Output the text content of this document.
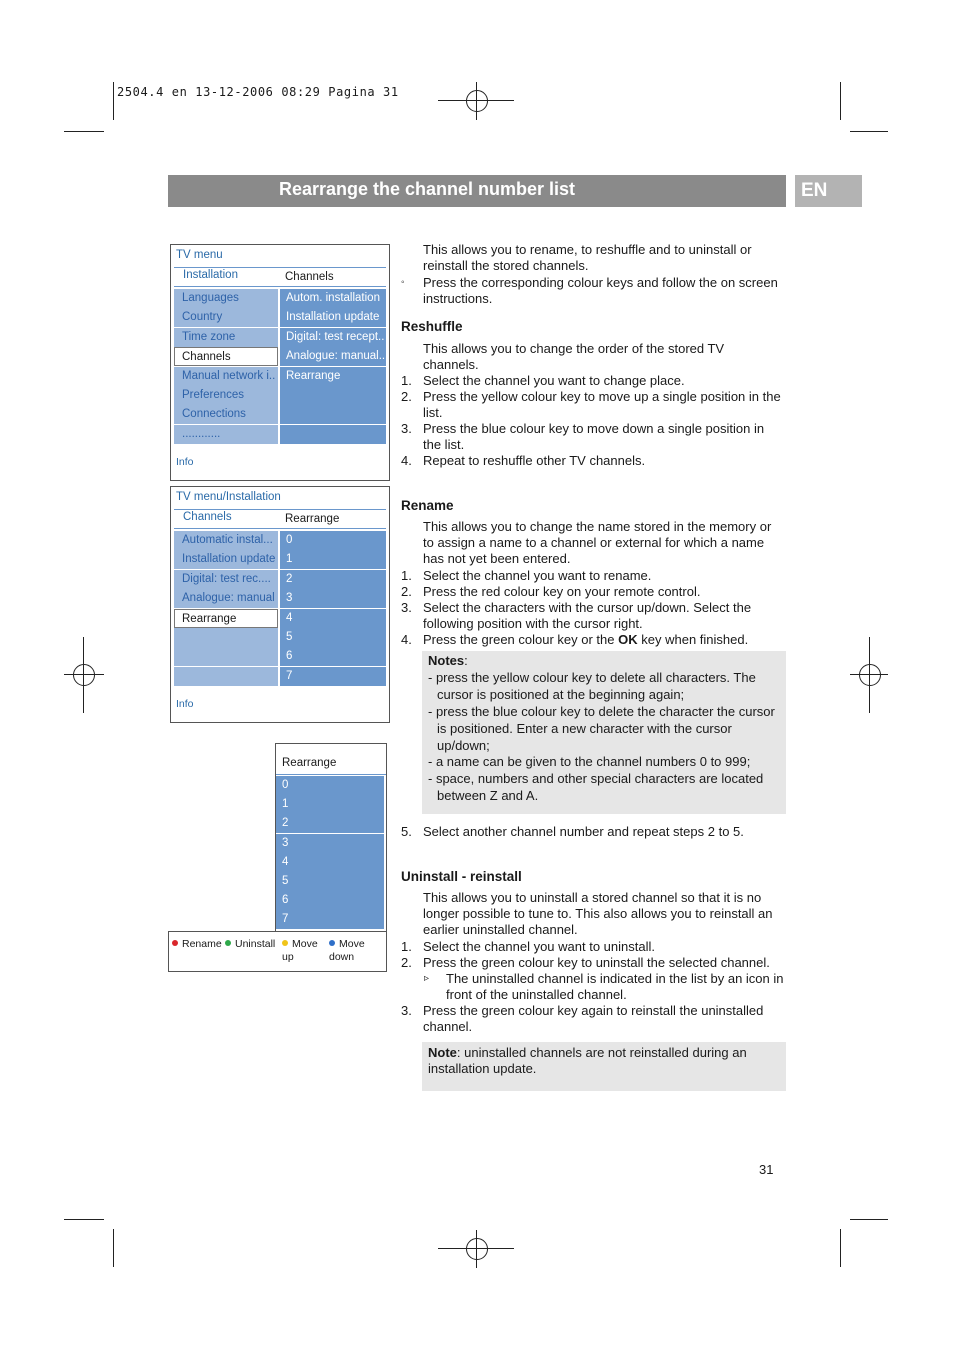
2504.4 en 13-12-2006 08:29 Pagina 31
Rearrange the channel number list	EN
TV menu
Installation	Channels
Languages	Autom. installation
Country	Installation update
Time zone	Digital: test recept..
Channels	Analogue: manual..
Manual network i.. Rearrange
Preferences
Connections
............
Info
TV menu/Installation
Channels	Rearrange
Automatic instal...	0
Installation update 1
Digital: test rec....	2
Analogue: manual 3
Rearrange	4
5
6
7
Info
Rearrange
0
1
2
3
4
5
6
7
Rename	Uninstall	Move up
Move down
This allows you to rename, to reshuffle and to uninstall or reinstall the stored channels.
◦ Press the corresponding colour keys and follow the on screen instructions.
Reshuffle
This allows you to change the order of the stored TV channels.
1. Select the channel you want to change place.
2. Press the yellow colour key to move up a single position in the list.
3. Press the blue colour key to move down a single position in the list.
4. Repeat to reshuffle other TV channels.
Rename
This allows you to change the name stored in the memory or to assign a name to a channel or external for which a name has not yet been entered.
1. Select the channel you want to rename.
2. Press the red colour key on your remote control.
3. Select the characters with the cursor up/down. Select the following position with the cursor right.
4. Press the green colour key or the OK key when finished.
Notes:
- press the yellow colour key to delete all characters. The cursor is positioned at the beginning again;
- press the blue colour key to delete the character the cursor is positioned. Enter a new character with the cursor up/down;
- a name can be given to the channel numbers 0 to 999;
- space, numbers and other special characters are located between Z and A.
5. Select another channel number and repeat steps 2 to 5.
Uninstall - reinstall
This allows you to uninstall a stored channel so that it is no longer possible to tune to. This also allows you to reinstall an earlier uninstalled channel.
1. Select the channel you want to uninstall.
2. Press the green colour key to uninstall the selected channel.
▹ The uninstalled channel is indicated in the list by an icon in front of the uninstalled channel.
3. Press the green colour key again to reinstall the uninstalled channel.
Note: uninstalled channels are not reinstalled during an installation update.
31
